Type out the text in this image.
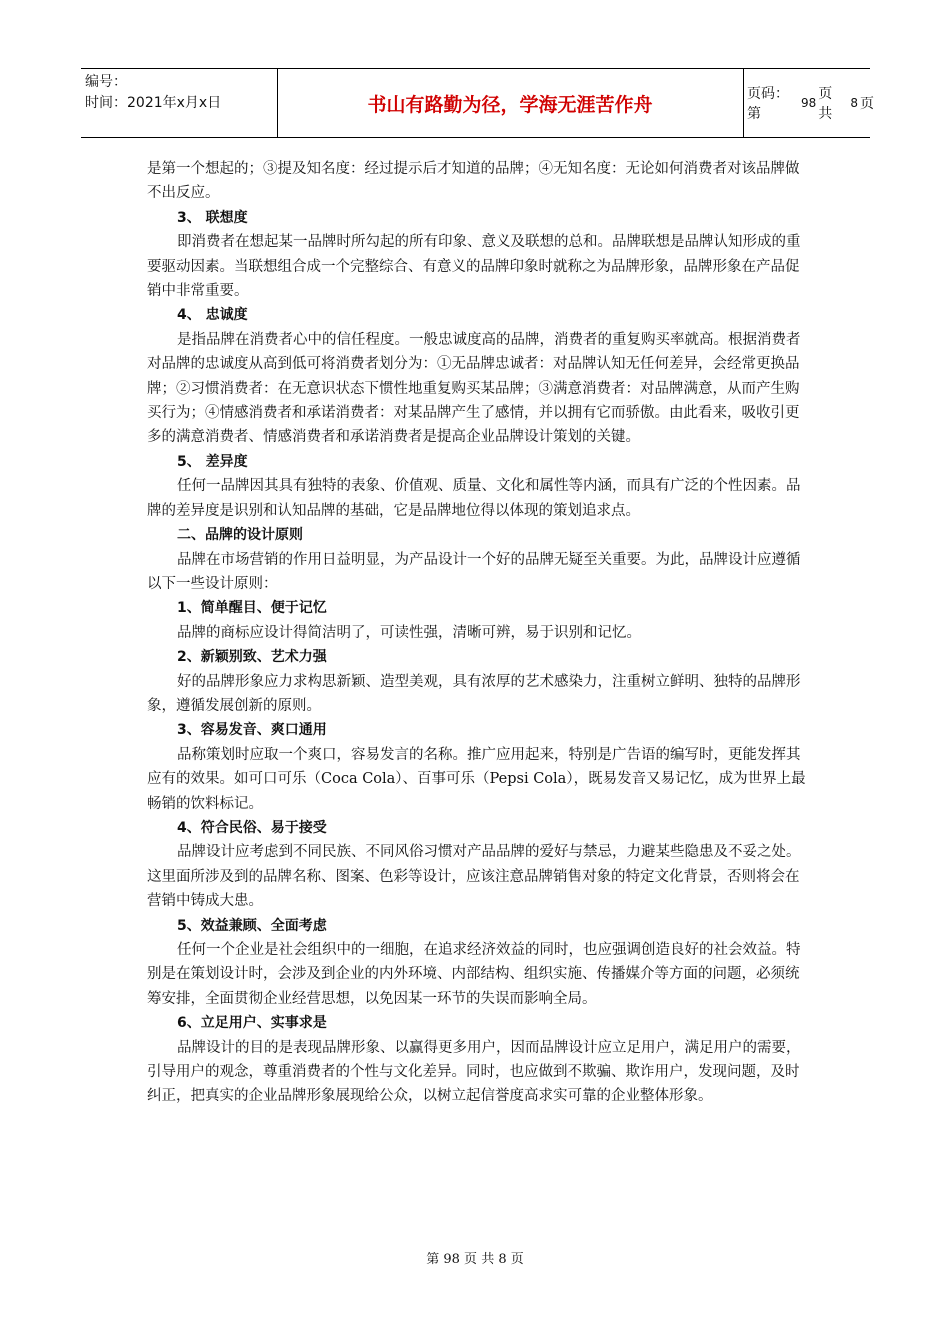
编号：
时间：2021年x月x日	书山有路勤为径，学海无涯苦作舟	页码：第
98
页 共
8 页

是第一个想起的；③提及知名度：经过提示后才知道的品牌；④无知名度：无论如何消费者对该品牌做不出反应。

3、 联想度

即消费者在想起某一品牌时所勾起的所有印象、意义及联想的总和。品牌联想是品牌认知形成的重要驱动因素。当联想组合成一个完整综合、有意义的品牌印象时就称之为品牌形象，品牌形象在产品促销中非常重要。

4、 忠诚度

是指品牌在消费者心中的信任程度。一般忠诚度高的品牌，消费者的重复购买率就高。根据消费者对品牌的忠诚度从高到低可将消费者划分为：①无品牌忠诚者：对品牌认知无任何差异，会经常更换品牌；②习惯消费者：在无意识状态下惯性地重复购买某品牌；③满意消费者：对品牌满意，从而产生购买行为；④情感消费者和承诺消费者：对某品牌产生了感情，并以拥有它而骄傲。由此看来，吸收引更多的满意消费者、情感消费者和承诺消费者是提高企业品牌设计策划的关键。

5、 差异度

任何一品牌因其具有独特的表象、价值观、质量、文化和属性等内涵，而具有广泛的个性因素。品牌的差异度是识别和认知品牌的基础，它是品牌地位得以体现的策划追求点。

二、品牌的设计原则

品牌在市场营销的作用日益明显，为产品设计一个好的品牌无疑至关重要。为此，品牌设计应遵循以下一些设计原则：

1、简单醒目、便于记忆

品牌的商标应设计得简洁明了，可读性强，清晰可辨，易于识别和记忆。

2、新颖别致、艺术力强

好的品牌形象应力求构思新颖、造型美观，具有浓厚的艺术感染力，注重树立鲜明、独特的品牌形象，遵循发展创新的原则。

3、容易发音、爽口通用

品称策划时应取一个爽口，容易发言的名称。推广应用起来，特别是广告语的编写时，更能发挥其应有的效果。如可口可乐（Coca Cola）、百事可乐（Pepsi Cola），既易发音又易记忆，成为世界上最畅销的饮料标记。

4、符合民俗、易于接受

品牌设计应考虑到不同民族、不同风俗习惯对产品品牌的爱好与禁忌，力避某些隐患及不妥之处。这里面所涉及到的品牌名称、图案、色彩等设计，应该注意品牌销售对象的特定文化背景，否则将会在营销中铸成大患。

5、效益兼顾、全面考虑

任何一个企业是社会组织中的一细胞，在追求经济效益的同时，也应强调创造良好的社会效益。特别是在策划设计时，会涉及到企业的内外环境、内部结构、组织实施、传播媒介等方面的问题，必须统筹安排，全面贯彻企业经营思想，以免因某一环节的失误而影响全局。

6、立足用户、实事求是

品牌设计的目的是表现品牌形象、以赢得更多用户，因而品牌设计应立足用户，满足用户的需要，引导用户的观念，尊重消费者的个性与文化差异。同时，也应做到不欺骗、欺诈用户，发现问题，及时纠正，把真实的企业品牌形象展现给公众，以树立起信誉度高求实可靠的企业整体形象。

第 98 页 共 8 页
